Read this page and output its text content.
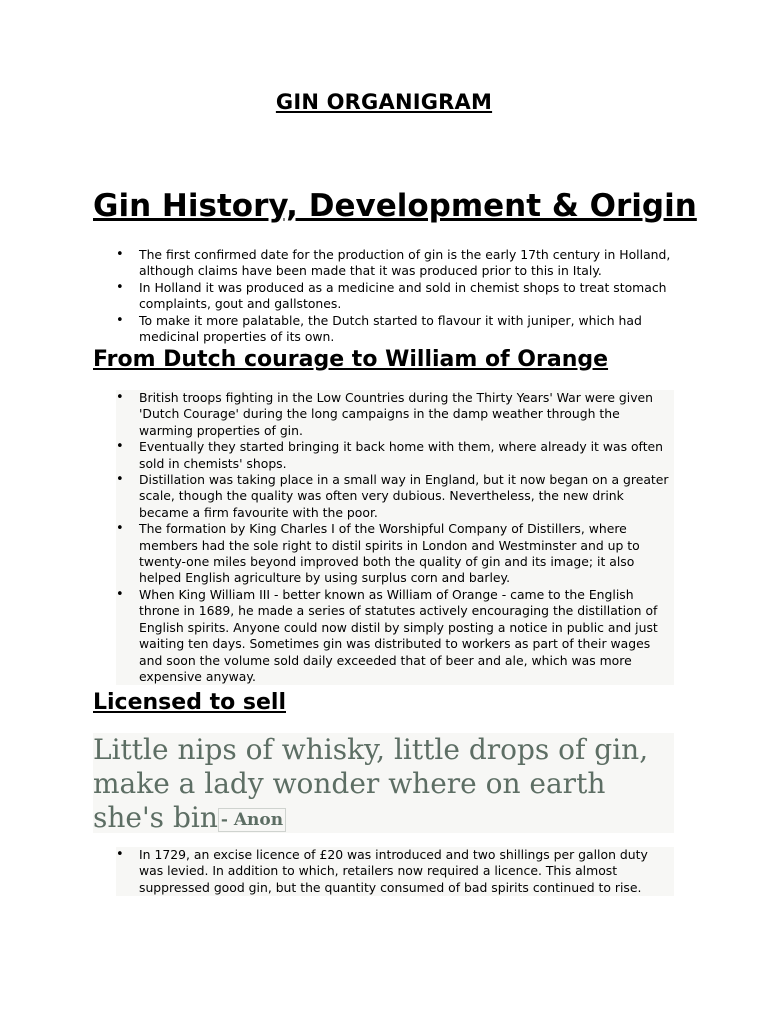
GIN ORGANIGRAM
Gin History, Development & Origin
• The first confirmed date for the production of gin is the early 17th century in Holland, although claims have been made that it was produced prior to this in Italy.
• In Holland it was produced as a medicine and sold in chemist shops to treat stomach complaints, gout and gallstones.
• To make it more palatable, the Dutch started to flavour it with juniper, which had medicinal properties of its own.
From Dutch courage to William of Orange
• British troops fighting in the Low Countries during the Thirty Years' War were given 'Dutch Courage' during the long campaigns in the damp weather through the warming properties of gin.
• Eventually they started bringing it back home with them, where already it was often sold in chemists' shops.
• Distillation was taking place in a small way in England, but it now began on a greater scale, though the quality was often very dubious. Nevertheless, the new drink became a firm favourite with the poor.
• The formation by King Charles I of the Worshipful Company of Distillers, where members had the sole right to distil spirits in London and Westminster and up to twenty-one miles beyond improved both the quality of gin and its image; it also helped English agriculture by using surplus corn and barley.
• When King William III - better known as William of Orange - came to the English throne in 1689, he made a series of statutes actively encouraging the distillation of English spirits. Anyone could now distil by simply posting a notice in public and just waiting ten days. Sometimes gin was distributed to workers as part of their wages and soon the volume sold daily exceeded that of beer and ale, which was more expensive anyway.
Licensed to sell
Little nips of whisky, little drops of gin, make a lady wonder where on earth she's bin - Anon
• In 1729, an excise licence of £20 was introduced and two shillings per gallon duty was levied. In addition to which, retailers now required a licence. This almost suppressed good gin, but the quantity consumed of bad spirits continued to rise.
